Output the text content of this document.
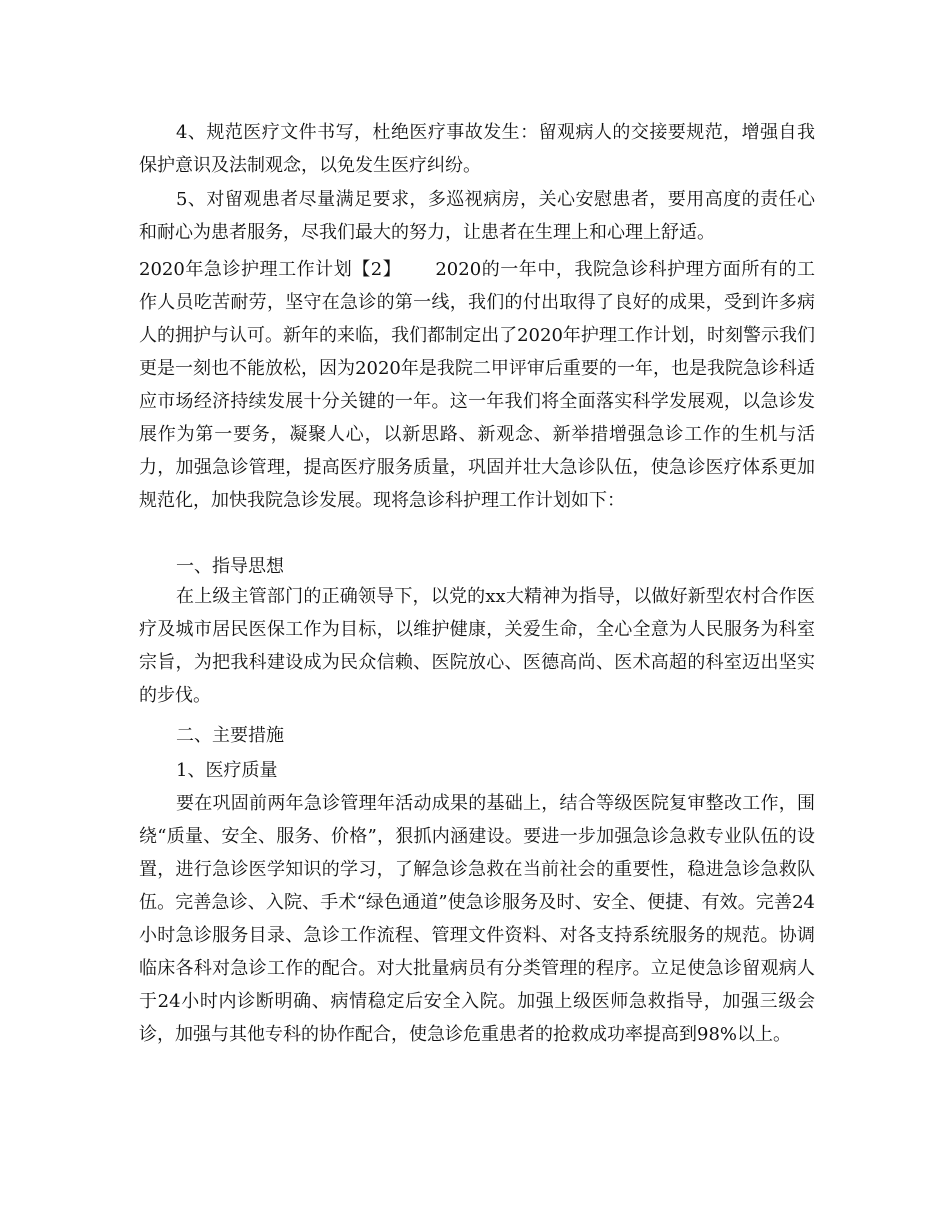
4、规范医疗文件书写，杜绝医疗事故发生：留观病人的交接要规范，增强自我保护意识及法制观念，以免发生医疗纠纷。

5、对留观患者尽量满足要求，多巡视病房，关心安慰患者，要用高度的责任心和耐心为患者服务，尽我们最大的努力，让患者在生理上和心理上舒适。

2020年急诊护理工作计划【2】 2020的一年中，我院急诊科护理方面所有的工作人员吃苦耐劳，坚守在急诊的第一线，我们的付出取得了良好的成果，受到许多病人的拥护与认可。新年的来临，我们都制定出了2020年护理工作计划，时刻警示我们更是一刻也不能放松，因为2020年是我院二甲评审后重要的一年，也是我院急诊科适应市场经济持续发展十分关键的一年。这一年我们将全面落实科学发展观，以急诊发展作为第一要务，凝聚人心，以新思路、新观念、新举措增强急诊工作的生机与活力，加强急诊管理，提高医疗服务质量，巩固并壮大急诊队伍，使急诊医疗体系更加规范化，加快我院急诊发展。现将急诊科护理工作计划如下：

一、指导思想

在上级主管部门的正确领导下，以党的xx大精神为指导，以做好新型农村合作医疗及城市居民医保工作为目标，以维护健康，关爱生命，全心全意为人民服务为科室宗旨，为把我科建设成为民众信赖、医院放心、医德高尚、医术高超的科室迈出坚实的步伐。

二、主要措施

1、医疗质量

要在巩固前两年急诊管理年活动成果的基础上，结合等级医院复审整改工作，围绕“质量、安全、服务、价格”，狠抓内涵建设。要进一步加强急诊急救专业队伍的设置，进行急诊医学知识的学习，了解急诊急救在当前社会的重要性，稳进急诊急救队伍。完善急诊、入院、手术“绿色通道”使急诊服务及时、安全、便捷、有效。完善24小时急诊服务目录、急诊工作流程、管理文件资料、对各支持系统服务的规范。协调临床各科对急诊工作的配合。对大批量病员有分类管理的程序。立足使急诊留观病人于24小时内诊断明确、病情稳定后安全入院。加强上级医师急救指导，加强三级会诊，加强与其他专科的协作配合，使急诊危重患者的抢救成功率提高到98%以上。
